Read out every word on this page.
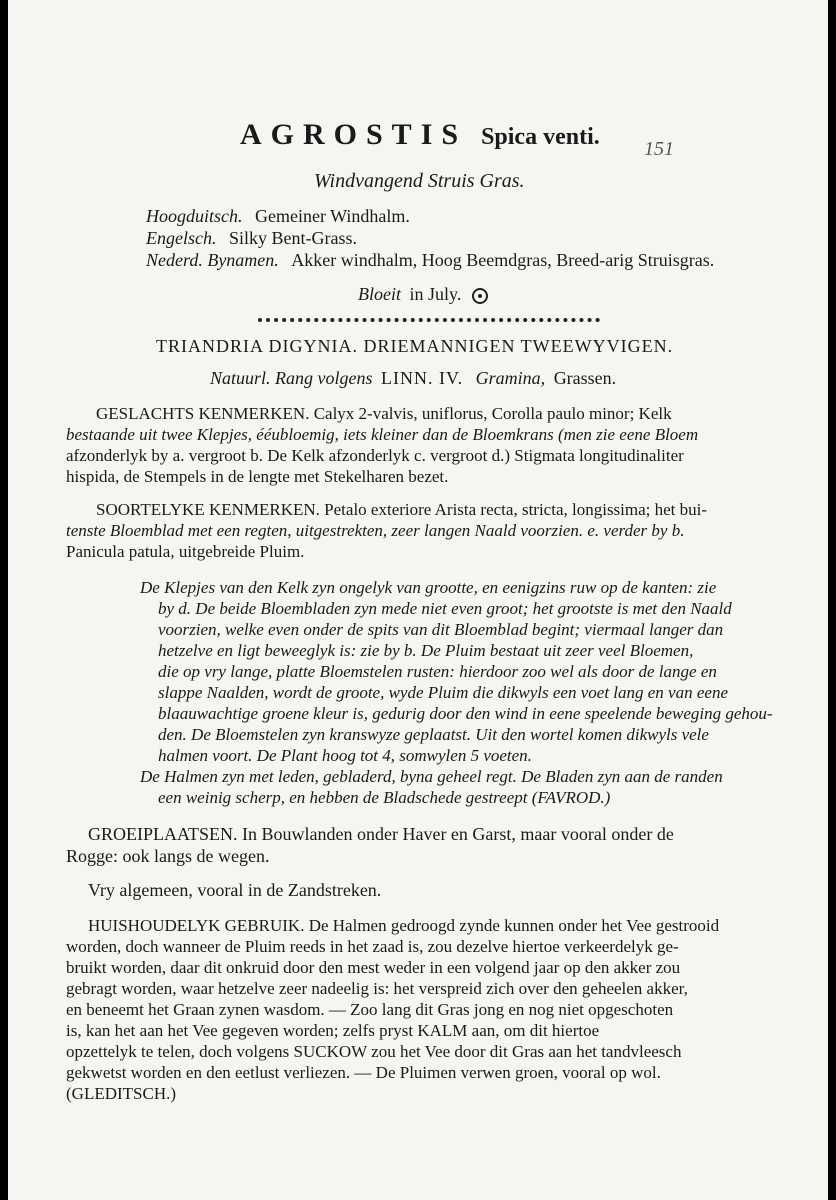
AGROSTIS Spica venti. 151
Windvangend Struis Gras.
Hoogduitsch. Gemeiner Windhalm.
Engelsch. Silky Bent-Grass.
Nederd. Bynamen. Akker windhalm, Hoog Beemdgras, Breed-arig Struisgras.
Bloeit in July.
TRIANDRIA DIGYNIA. DRIEMANNIGEN TWEEWYVIGEN.
Natuurl. Rang volgens LINN. IV. Gramina, Grassen.
GESLACHTS KENMERKEN. Calyx 2-valvis, uniflorus, Corolla paulo minor; Kelk
bestaande uit twee Klepjes, ééubloemig, iets kleiner dan de Bloemkrans (men zie eene Bloem
afzonderlyk by a. vergroot b. De Kelk afzonderlyk c. vergroot d.) Stigmata longitudinaliter
hispida, de Stempels in de lengte met Stekelharen bezet.
SOORTELYKE KENMERKEN. Petalo exteriore Arista recta, stricta, longissima; het bui-
tenste Bloemblad met een regten, uitgestrekten, zeer langen Naald voorzien. e. verder by b.
Panicula patula, uitgebreide Pluim.
De Klepjes van den Kelk zyn ongelyk van grootte, en eenigzins ruw op de kanten: zie
by d. De beide Bloembladen zyn mede niet even groot; het grootste is met den Naald
voorzien, welke even onder de spits van dit Bloemblad begint; viermaal langer dan
hetzelve en ligt beweeglyk is: zie by b. De Pluim bestaat uit zeer veel Bloemen,
die op vry lange, platte Bloemstelen rusten: hierdoor zoo wel als door de lange en
slappe Naalden, wordt de groote, wyde Pluim die dikwyls een voet lang en van eene
blaauwachtige groene kleur is, gedurig door den wind in eene speelende beweging gehou-
den. De Bloemstelen zyn kranswyze geplaatst. Uit den wortel komen dikwyls vele
halmen voort. De Plant hoog tot 4, somwylen 5 voeten.
De Halmen zyn met leden, gebladerd, byna geheel regt. De Bladen zyn aan de randen
een weinig scherp, en hebben de Bladschede gestreept (FAVROD.)
GROEIPLAATSEN. In Bouwlanden onder Haver en Garst, maar vooral onder de
Rogge: ook langs de wegen.
Vry algemeen, vooral in de Zandstreken.
HUISHOUDELYK GEBRUIK. De Halmen gedroogd zynde kunnen onder het Vee gestrooid
worden, doch wanneer de Pluim reeds in het zaad is, zou dezelve hiertoe verkeerdelyk ge-
bruikt worden, daar dit onkruid door den mest weder in een volgend jaar op den akker zou
gebragt worden, waar hetzelve zeer nadeelig is: het verspreid zich over den geheelen akker,
en beneemt het Graan zynen wasdom. — Zoo lang dit Gras jong en nog niet opgeschoten
is, kan het aan het Vee gegeven worden; zelfs pryst KALM aan, om dit hiertoe
opzettelyk te telen, doch volgens SUCKOW zou het Vee door dit Gras aan het tandvleesch
gekwetst worden en den eetlust verliezen. — De Pluimen verwen groen, vooral op wol.
(GLEDITSCH.)
